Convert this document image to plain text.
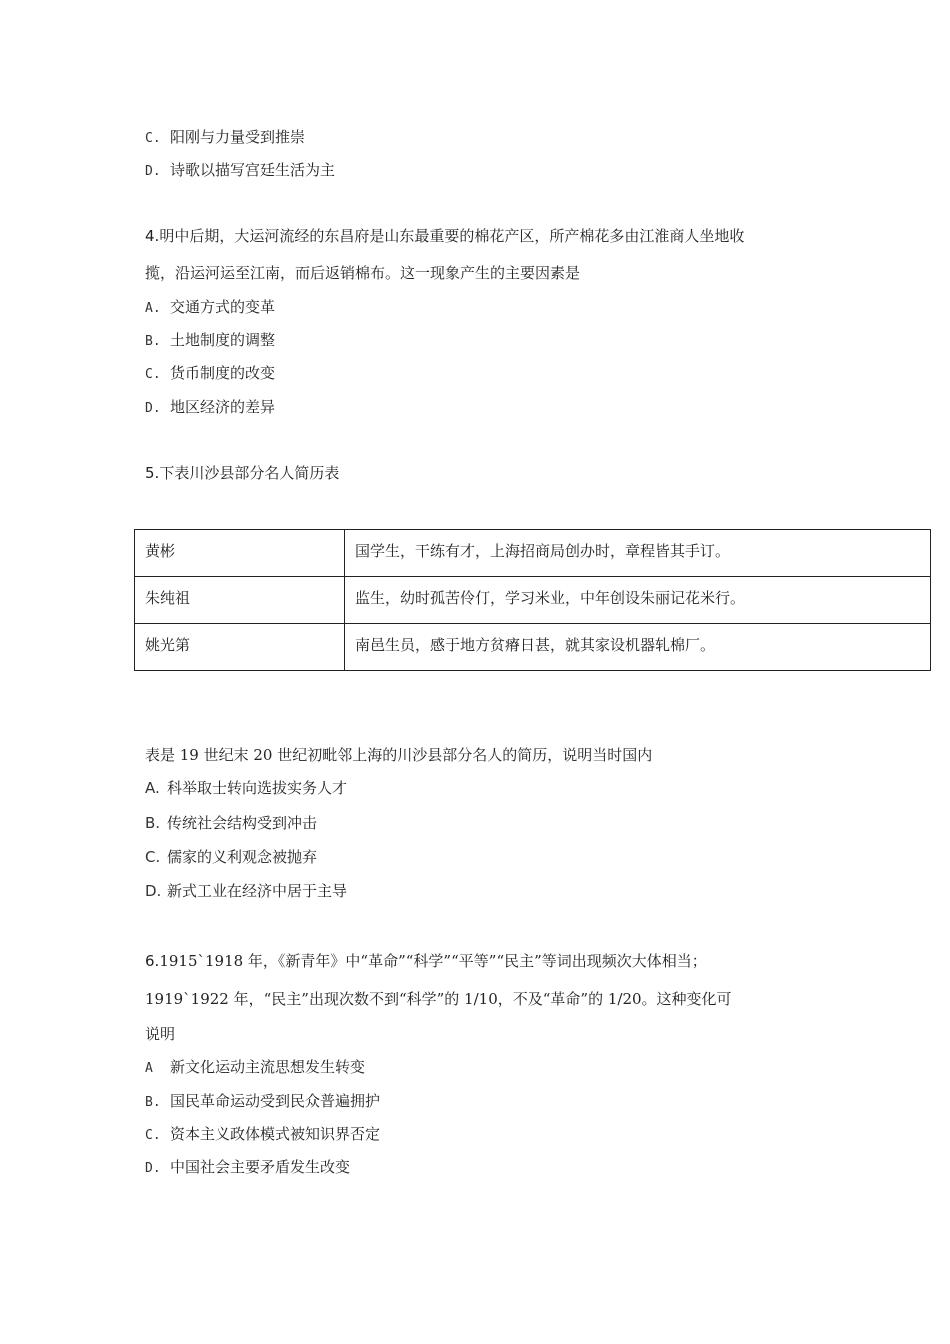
C. 阳刚与力量受到推崇
D. 诗歌以描写宫廷生活为主
4.明中后期，大运河流经的东昌府是山东最重要的棉花产区，所产棉花多由江淮商人坐地收
揽，沿运河运至江南，而后返销棉布。这一现象产生的主要因素是
A. 交通方式的变革
B. 土地制度的调整
C. 货币制度的改变
D. 地区经济的差异
5.下表川沙县部分名人简历表
黄彬	国学生，干练有才，上海招商局创办时，章程皆其手订。
朱纯祖	监生，幼时孤苦伶仃，学习米业，中年创设朱丽记花米行。
姚光第	南邑生员，感于地方贫瘠日甚，就其家设机器轧棉厂。
表是 19 世纪末 20 世纪初毗邻上海的川沙县部分名人的简历，说明当时国内
A. 科举取士转向选拔实务人才
B. 传统社会结构受到冲击
C. 儒家的义利观念被抛弃
D. 新式工业在经济中居于主导
6.1915`1918 年，《新青年》中“革命”“科学”“平等”“民主”等词出现频次大体相当；
1919`1922 年，“民主”出现次数不到“科学”的 1/10，不及“革命”的 1/20。这种变化可
说明
A 新文化运动主流思想发生转变
B. 国民革命运动受到民众普遍拥护
C. 资本主义政体模式被知识界否定
D. 中国社会主要矛盾发生改变
